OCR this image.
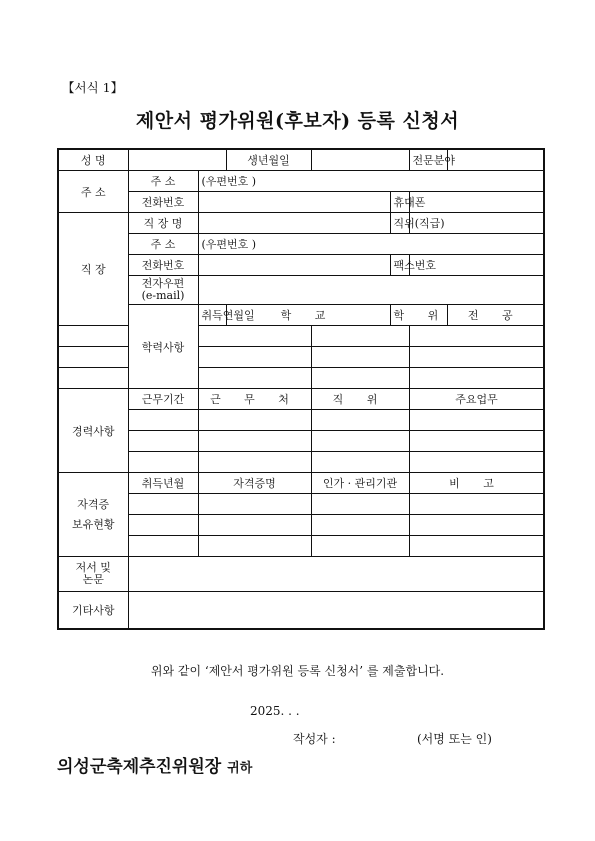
【서식 1】
제안서 평가위원(후보자) 등록 신청서
성 명			생년월일			전문분야	
주 소	주 소	(우편번호 )					
	전화번호				휴대폰		
직 장	직 장 명				직위(직급)		
	주 소	(우편번호 )					
	전화번호				팩스번호		

	전자우편
(e-mail)						

	학력사항	취득연월일	학 교		학 위		전 공

경력사항	근무기간	근 무 처		직 위		주요업무	

자격증
보유현황	취득년월	자격증명		인가 · 관리기관		비 고	

저서 및
논문							

기타사항							
위와 같이 ‘제안서 평가위원 등록 신청서’ 를 제출합니다.
2025. . .
작성자 :	(서명 또는 인)
의성군축제추진위원장 귀하
